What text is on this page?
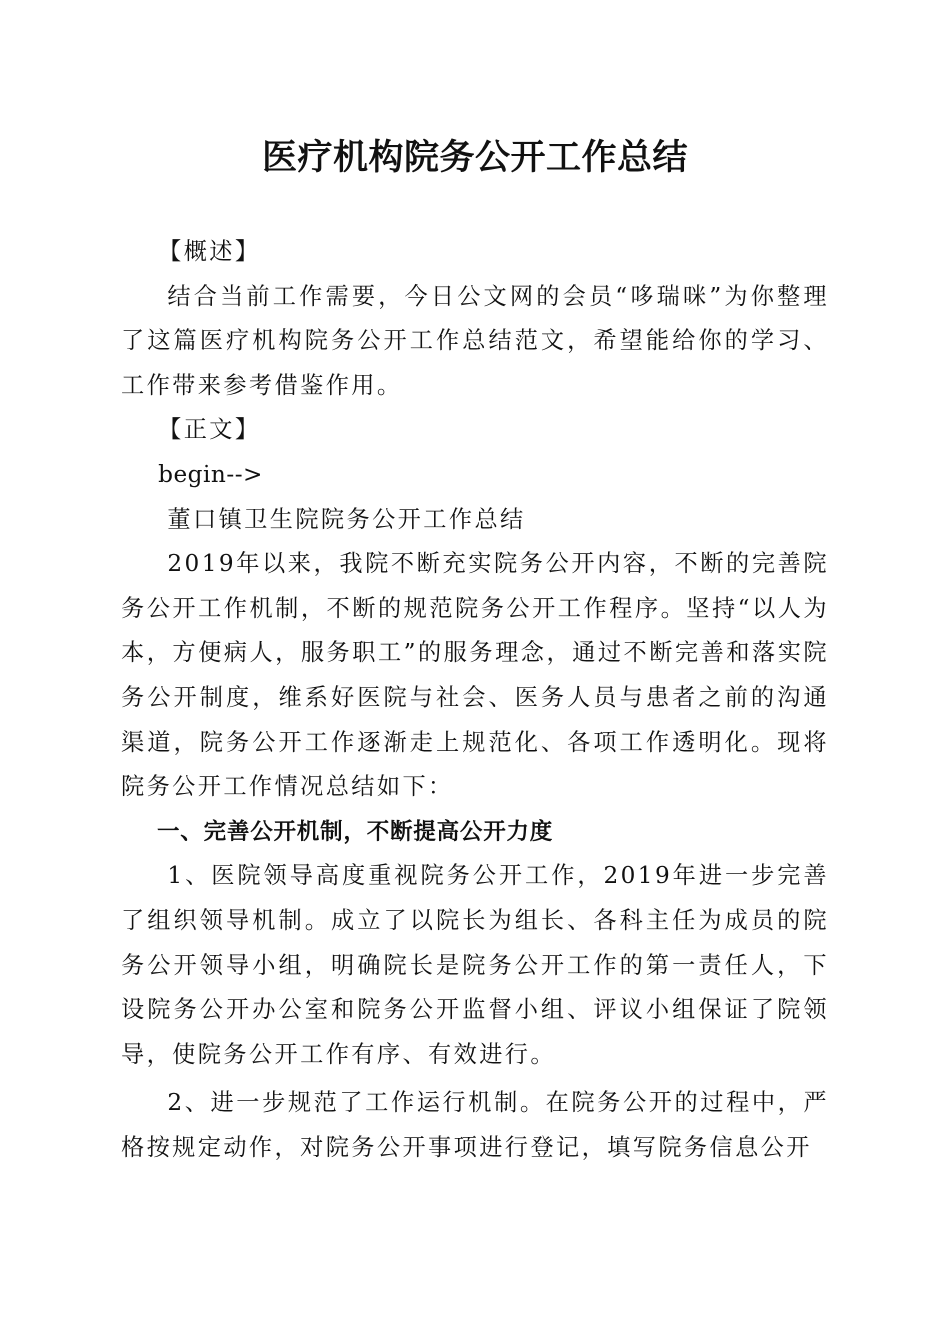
医疗机构院务公开工作总结

【概述】

结合当前工作需要，今日公文网的会员“哆瑞咪”为你整理了这篇医疗机构院务公开工作总结范文，希望能给你的学习、工作带来参考借鉴作用。

【正文】

begin-->

董口镇卫生院院务公开工作总结

2019年以来，我院不断充实院务公开内容，不断的完善院务公开工作机制，不断的规范院务公开工作程序。坚持“以人为本，方便病人，服务职工”的服务理念，通过不断完善和落实院务公开制度，维系好医院与社会、医务人员与患者之前的沟通渠道，院务公开工作逐渐走上规范化、各项工作透明化。现将院务公开工作情况总结如下：

一、完善公开机制，不断提高公开力度

1、医院领导高度重视院务公开工作，2019年进一步完善了组织领导机制。成立了以院长为组长、各科主任为成员的院务公开领导小组，明确院长是院务公开工作的第一责任人，下设院务公开办公室和院务公开监督小组、评议小组保证了院领导，使院务公开工作有序、有效进行。

2、进一步规范了工作运行机制。在院务公开的过程中，严格按规定动作，对院务公开事项进行登记，填写院务信息公开
